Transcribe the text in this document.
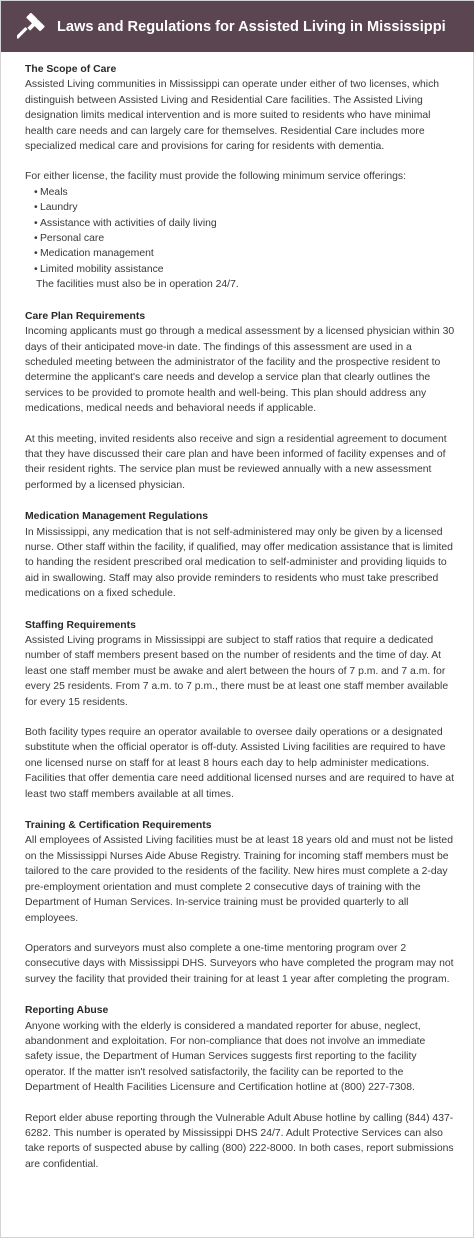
Laws and Regulations for Assisted Living in Mississippi

The Scope of Care

Assisted Living communities in Mississippi can operate under either of two licenses, which distinguish between Assisted Living and Residential Care facilities. The Assisted Living designation limits medical intervention and is more suited to residents who have minimal health care needs and can largely care for themselves. Residential Care includes more specialized medical care and provisions for caring for residents with dementia.

For either license, the facility must provide the following minimum service offerings:

• Meals
• Laundry
• Assistance with activities of daily living
• Personal care
• Medication management
• Limited mobility assistance

The facilities must also be in operation 24/7.

Care Plan Requirements

Incoming applicants must go through a medical assessment by a licensed physician within 30 days of their anticipated move-in date. The findings of this assessment are used in a scheduled meeting between the administrator of the facility and the prospective resident to determine the applicant's care needs and develop a service plan that clearly outlines the services to be provided to promote health and well-being. This plan should address any medications, medical needs and behavioral needs if applicable.

At this meeting, invited residents also receive and sign a residential agreement to document that they have discussed their care plan and have been informed of facility expenses and of their resident rights. The service plan must be reviewed annually with a new assessment performed by a licensed physician.

Medication Management Regulations

In Mississippi, any medication that is not self-administered may only be given by a licensed nurse. Other staff within the facility, if qualified, may offer medication assistance that is limited to handing the resident prescribed oral medication to self-administer and providing liquids to aid in swallowing. Staff may also provide reminders to residents who must take prescribed medications on a fixed schedule.

Staffing Requirements

Assisted Living programs in Mississippi are subject to staff ratios that require a dedicated number of staff members present based on the number of residents and the time of day. At least one staff member must be awake and alert between the hours of 7 p.m. and 7 a.m. for every 25 residents. From 7 a.m. to 7 p.m., there must be at least one staff member available for every 15 residents.

Both facility types require an operator available to oversee daily operations or a designated substitute when the official operator is off-duty. Assisted Living facilities are required to have one licensed nurse on staff for at least 8 hours each day to help administer medications. Facilities that offer dementia care need additional licensed nurses and are required to have at least two staff members available at all times.

Training & Certification Requirements

All employees of Assisted Living facilities must be at least 18 years old and must not be listed on the Mississippi Nurses Aide Abuse Registry. Training for incoming staff members must be tailored to the care provided to the residents of the facility. New hires must complete a 2-day pre-employment orientation and must complete 2 consecutive days of training with the Department of Human Services. In-service training must be provided quarterly to all employees.

Operators and surveyors must also complete a one-time mentoring program over 2 consecutive days with Mississippi DHS. Surveyors who have completed the program may not survey the facility that provided their training for at least 1 year after completing the program.

Reporting Abuse

Anyone working with the elderly is considered a mandated reporter for abuse, neglect, abandonment and exploitation. For non-compliance that does not involve an immediate safety issue, the Department of Human Services suggests first reporting to the facility operator. If the matter isn't resolved satisfactorily, the facility can be reported to the Department of Health Facilities Licensure and Certification hotline at (800) 227-7308.

Report elder abuse reporting through the Vulnerable Adult Abuse hotline by calling (844) 437-6282. This number is operated by Mississippi DHS 24/7. Adult Protective Services can also take reports of suspected abuse by calling (800) 222-8000. In both cases, report submissions are confidential.
